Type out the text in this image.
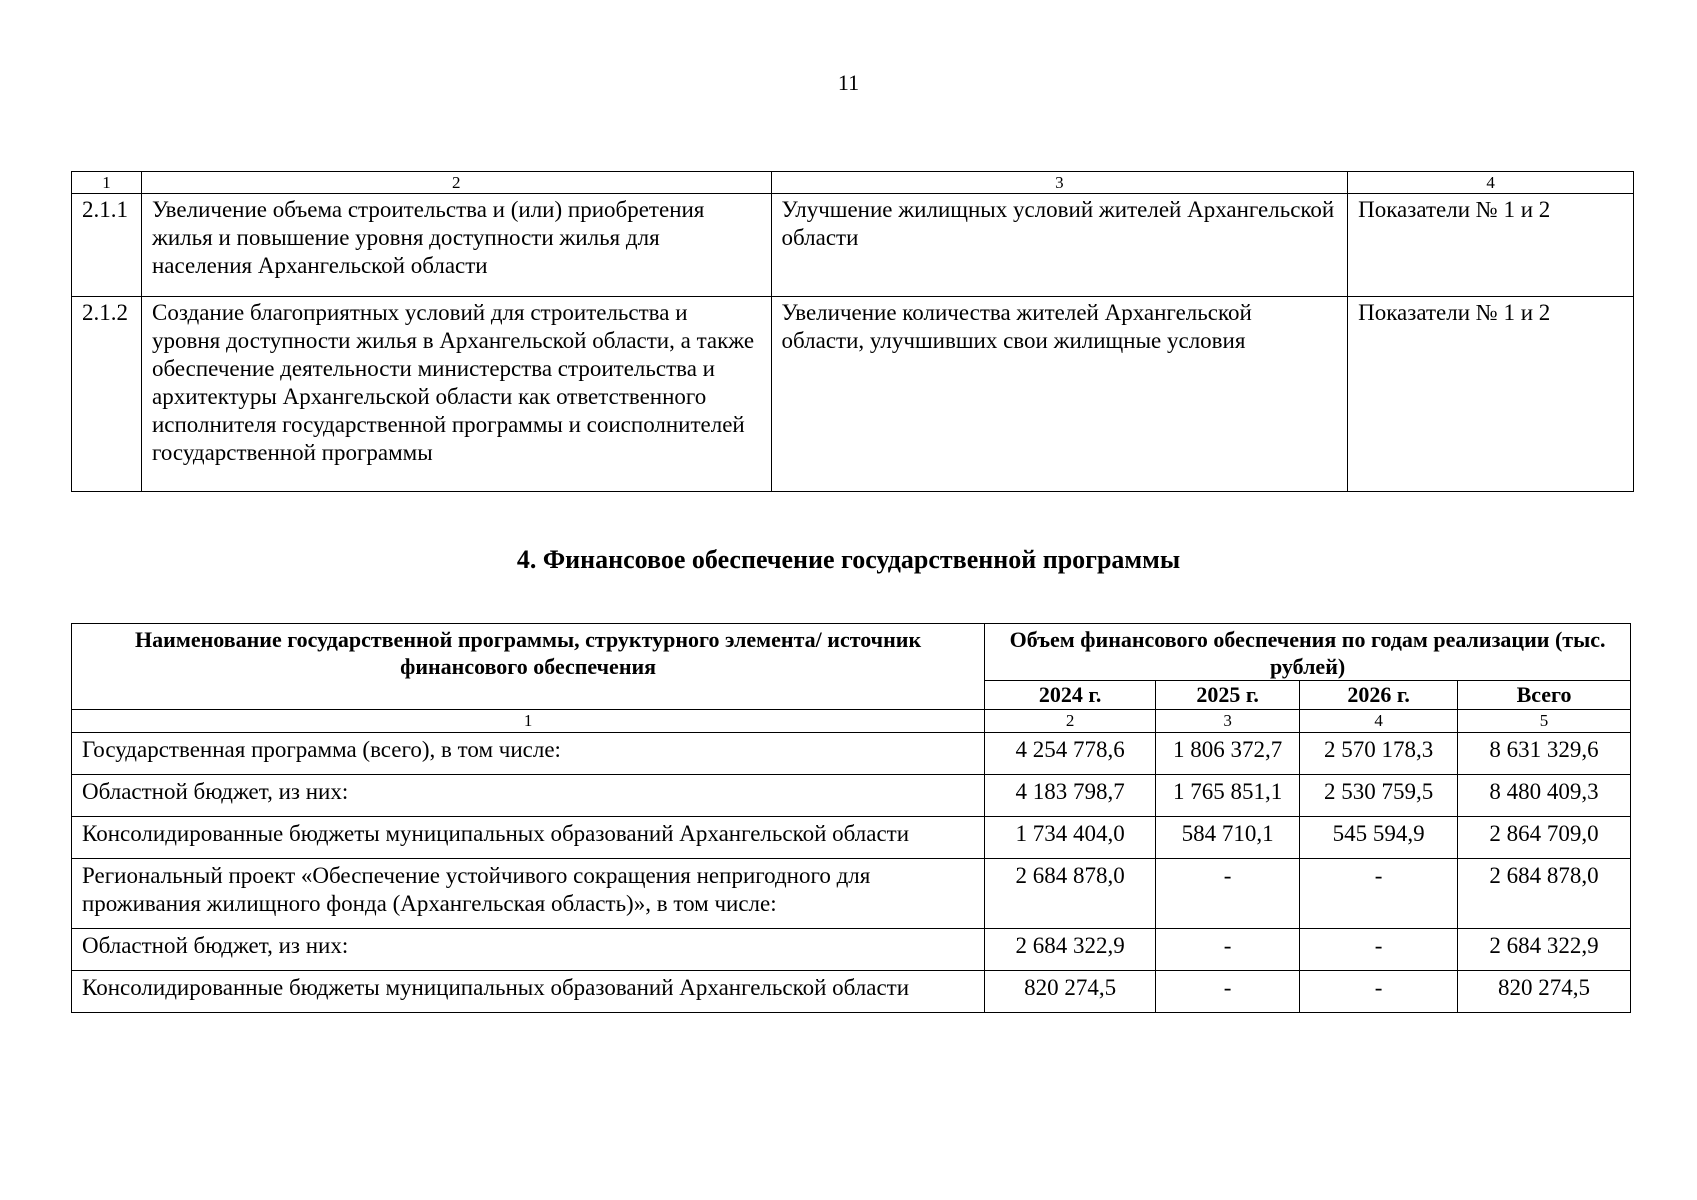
11
1	2	3	4
2.1.1	Увеличение объема строительства и (или) приобретения жилья и повышение уровня доступности жилья для населения Архангельской области	Улучшение жилищных условий жителей Архангельской области	Показатели № 1 и 2
2.1.2	Создание благоприятных условий для строительства и уровня доступности жилья в Архангельской области, а также обеспечение деятельности министерства строительства и архитектуры Архангельской области как ответственного исполнителя государственной программы и соисполнителей государственной программы	Увеличение количества жителей Архангельской области, улучшивших свои жилищные условия	Показатели № 1 и 2
4. Финансовое обеспечение государственной программы
Наименование государственной программы, структурного элемента/ источник финансового обеспечения	Объем финансового обеспечения по годам реализации (тыс. рублей)			
	2024 г.	2025 г.	2026 г.	Всего
1	2	3	4	5
Государственная программа (всего), в том числе:	4 254 778,6	1 806 372,7	2 570 178,3	8 631 329,6
Областной бюджет, из них:	4 183 798,7	1 765 851,1	2 530 759,5	8 480 409,3
Консолидированные бюджеты муниципальных образований Архангельской области	1 734 404,0	584 710,1	545 594,9	2 864 709,0
Региональный проект «Обеспечение устойчивого сокращения непригодного для проживания жилищного фонда (Архангельская область)», в том числе:	2 684 878,0	-	-	2 684 878,0
Областной бюджет, из них:	2 684 322,9	-	-	2 684 322,9
Консолидированные бюджеты муниципальных образований Архангельской области	820 274,5	-	-	820 274,5
